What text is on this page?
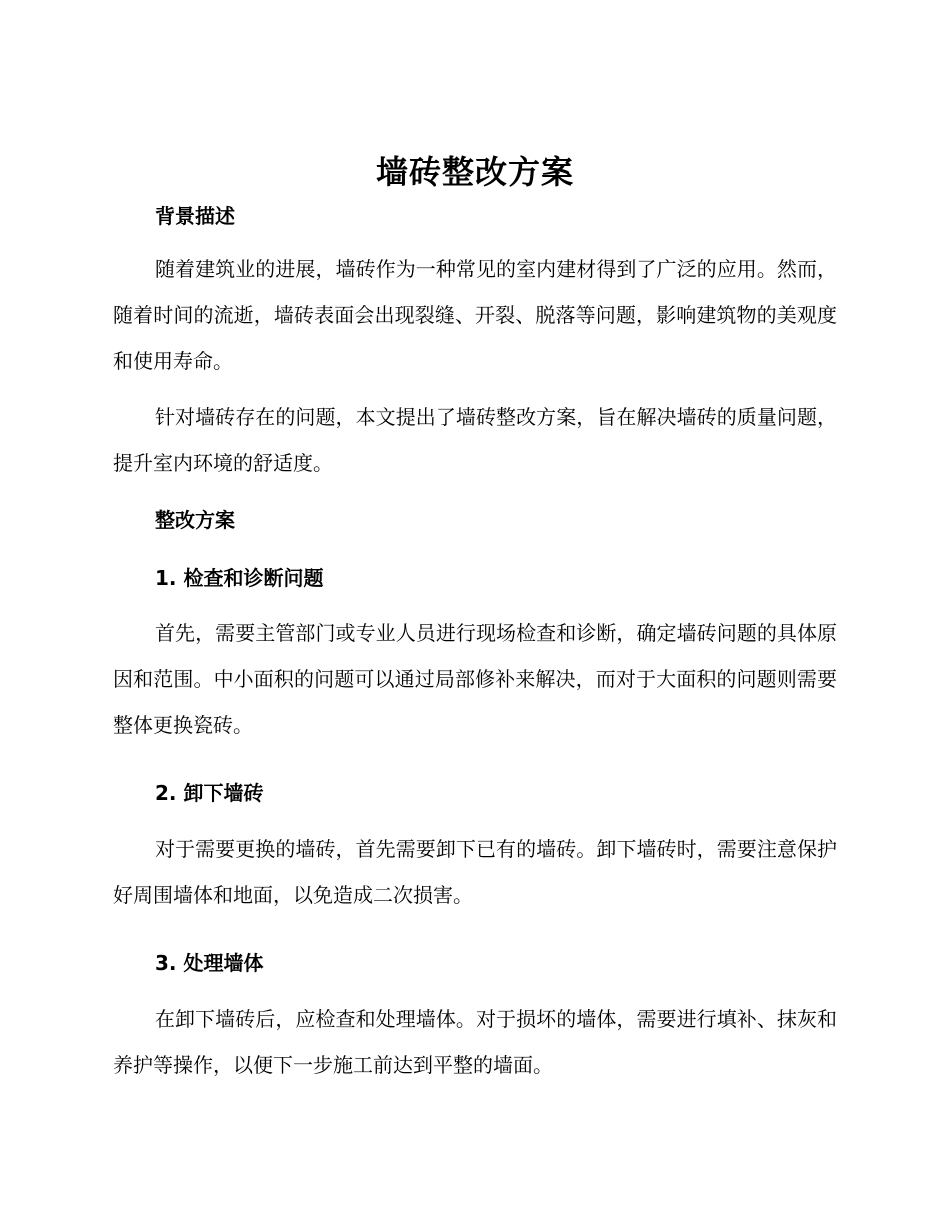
墙砖整改方案
背景描述

随着建筑业的进展，墙砖作为一种常见的室内建材得到了广泛的应用。然而，随着时间的流逝，墙砖表面会出现裂缝、开裂、脱落等问题，影响建筑物的美观度和使用寿命。

针对墙砖存在的问题，本文提出了墙砖整改方案，旨在解决墙砖的质量问题，提升室内环境的舒适度。

整改方案
1. 检查和诊断问题

首先，需要主管部门或专业人员进行现场检查和诊断，确定墙砖问题的具体原因和范围。中小面积的问题可以通过局部修补来解决，而对于大面积的问题则需要整体更换瓷砖。

2. 卸下墙砖

对于需要更换的墙砖，首先需要卸下已有的墙砖。卸下墙砖时，需要注意保护好周围墙体和地面，以免造成二次损害。

3. 处理墙体

在卸下墙砖后，应检查和处理墙体。对于损坏的墙体，需要进行填补、抹灰和养护等操作，以便下一步施工前达到平整的墙面。
